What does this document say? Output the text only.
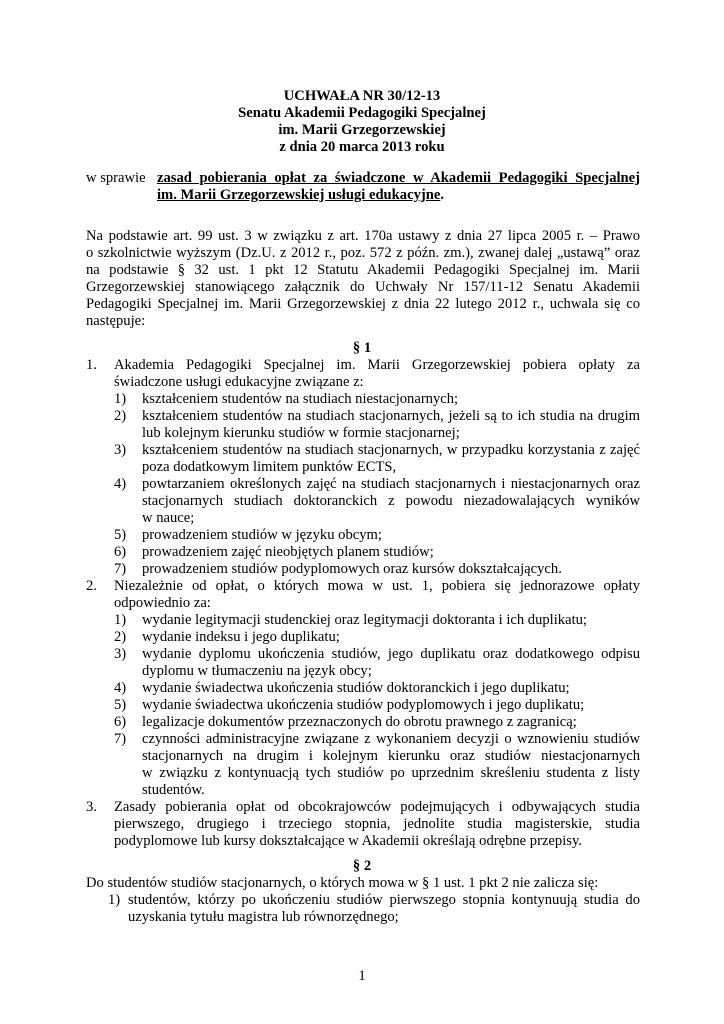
UCHWAŁA NR 30/12-13
Senatu Akademii Pedagogiki Specjalnej
im. Marii Grzegorzewskiej
z dnia 20 marca 2013 roku
w sprawie zasad pobierania opłat za świadczone w Akademii Pedagogiki Specjalnej
im. Marii Grzegorzewskiej usługi edukacyjne.
Na podstawie art. 99 ust. 3 w związku z art. 170a ustawy z dnia 27 lipca 2005 r. – Prawo
o szkolnictwie wyższym (Dz.U. z 2012 r., poz. 572 z późn. zm.), zwanej dalej „ustawą” oraz
na podstawie § 32 ust. 1 pkt 12 Statutu Akademii Pedagogiki Specjalnej im. Marii
Grzegorzewskiej stanowiącego załącznik do Uchwały Nr 157/11-12 Senatu Akademii
Pedagogiki Specjalnej im. Marii Grzegorzewskiej z dnia 22 lutego 2012 r., uchwala się co
następuje:
§ 1
1. Akademia Pedagogiki Specjalnej im. Marii Grzegorzewskiej pobiera opłaty za
świadczone usługi edukacyjne związane z:
1) kształceniem studentów na studiach niestacjonarnych;
2) kształceniem studentów na studiach stacjonarnych, jeżeli są to ich studia na drugim
lub kolejnym kierunku studiów w formie stacjonarnej;
3) kształceniem studentów na studiach stacjonarnych, w przypadku korzystania z zajęć
poza dodatkowym limitem punktów ECTS,
4) powtarzaniem określonych zajęć na studiach stacjonarnych i niestacjonarnych oraz
stacjonarnych studiach doktoranckich z powodu niezadowalających wyników
w nauce;
5) prowadzeniem studiów w języku obcym;
6) prowadzeniem zajęć nieobjętych planem studiów;
7) prowadzeniem studiów podyplomowych oraz kursów dokształcających.
2. Niezależnie od opłat, o których mowa w ust. 1, pobiera się jednorazowe opłaty
odpowiednio za:
1) wydanie legitymacji studenckiej oraz legitymacji doktoranta i ich duplikatu;
2) wydanie indeksu i jego duplikatu;
3) wydanie dyplomu ukończenia studiów, jego duplikatu oraz dodatkowego odpisu
dyplomu w tłumaczeniu na język obcy;
4) wydanie świadectwa ukończenia studiów doktoranckich i jego duplikatu;
5) wydanie świadectwa ukończenia studiów podyplomowych i jego duplikatu;
6) legalizacje dokumentów przeznaczonych do obrotu prawnego z zagranicą;
7) czynności administracyjne związane z wykonaniem decyzji o wznowieniu studiów
stacjonarnych na drugim i kolejnym kierunku oraz studiów niestacjonarnych
w związku z kontynuacją tych studiów po uprzednim skreśleniu studenta z listy
studentów.
3. Zasady pobierania opłat od obcokrajowców podejmujących i odbywających studia
pierwszego, drugiego i trzeciego stopnia, jednolite studia magisterskie, studia
podyplomowe lub kursy dokształcające w Akademii określają odrębne przepisy.
§ 2
Do studentów studiów stacjonarnych, o których mowa w § 1 ust. 1 pkt 2 nie zalicza się:
1) studentów, którzy po ukończeniu studiów pierwszego stopnia kontynuują studia do
uzyskania tytułu magistra lub równorzędnego;
1
